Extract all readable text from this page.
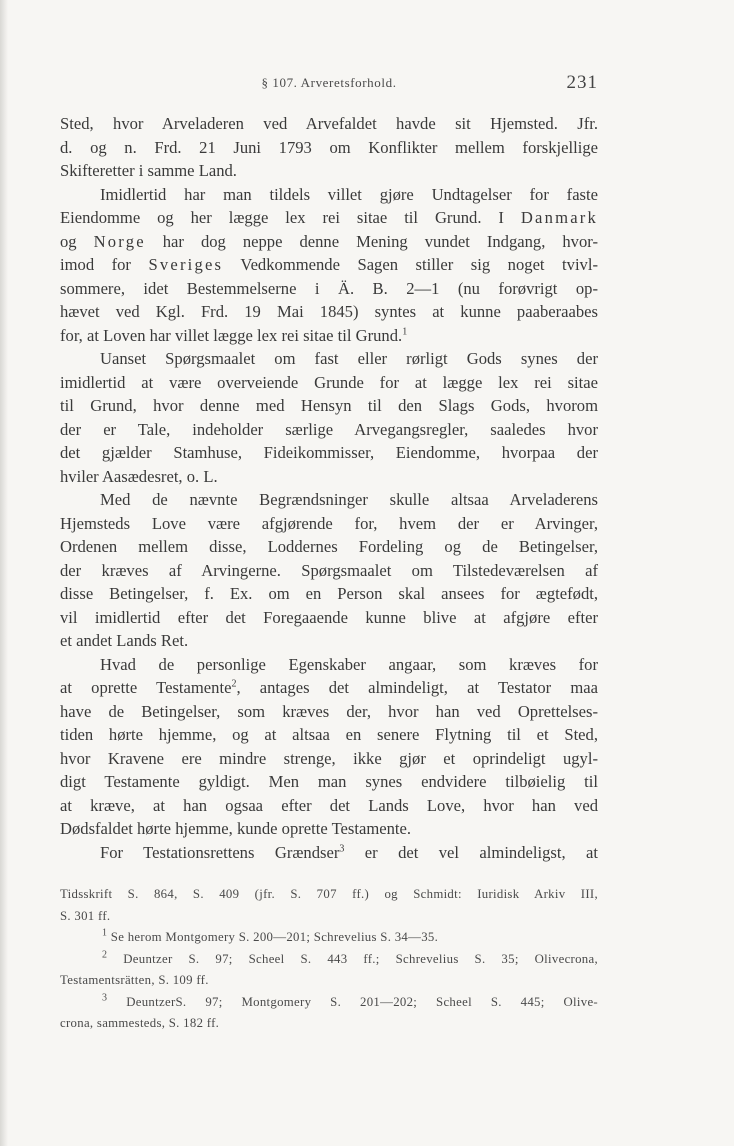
§ 107. Arveretsforhold.	231
Sted, hvor Arveladeren ved Arvefaldet havde sit Hjemsted. Jfr.
d. og n. Frd. 21 Juni 1793 om Konflikter mellem forskjellige
Skifteretter i samme Land.
Imidlertid har man tildels villet gjøre Undtagelser for faste
Eiendomme og her lægge lex rei sitae til Grund. I Danmark
og Norge har dog neppe denne Mening vundet Indgang, hvor-
imod for Sveriges Vedkommende Sagen stiller sig noget tvivl-
sommere, idet Bestemmelserne i Ä. B. 2—1 (nu forøvrigt op-
hævet ved Kgl. Frd. 19 Mai 1845) syntes at kunne paaberaabes
for, at Loven har villet lægge lex rei sitae til Grund.$^1$
Uanset Spørgsmaalet om fast eller rørligt Gods synes der
imidlertid at være overveiende Grunde for at lægge lex rei sitae
til Grund, hvor denne med Hensyn til den Slags Gods, hvorom
der er Tale, indeholder særlige Arvegangsregler, saaledes hvor
det gjælder Stamhuse, Fideikommisser, Eiendomme, hvorpaa der
hviler Aasædesret, o. L.
Med de nævnte Begrændsninger skulle altsaa Arveladerens
Hjemsteds Love være afgjørende for, hvem der er Arvinger,
Ordenen mellem disse, Loddernes Fordeling og de Betingelser,
der kræves af Arvingerne. Spørgsmaalet om Tilstedeværelsen af
disse Betingelser, f. Ex. om en Person skal ansees for ægtefødt,
vil imidlertid efter det Foregaaende kunne blive at afgjøre efter
et andet Lands Ret.
Hvad de personlige Egenskaber angaar, som kræves for
at oprette Testamente$^2$, antages det almindeligt, at Testator maa
have de Betingelser, som kræves der, hvor han ved Oprettelses-
tiden hørte hjemme, og at altsaa en senere Flytning til et Sted,
hvor Kravene ere mindre strenge, ikke gjør et oprindeligt ugyl-
digt Testamente gyldigt. Men man synes endvidere tilbøielig til
at kræve, at han ogsaa efter det Lands Love, hvor han ved
Dødsfaldet hørte hjemme, kunde oprette Testamente.
For Testationsrettens Grændser$^3$ er det vel almindeligst, at
Tidsskrift S. 864, S. 409 (jfr. S. 707 ff.) og Schmidt: Iuridisk Arkiv III,
S. 301 ff.
$^1$ Se herom Montgomery S. 200—201; Schrevelius S. 34—35.
$^2$ Deuntzer S. 97; Scheel S. 443 ff.; Schrevelius S. 35; Olivecrona,
Testamentsrätten, S. 109 ff.
$^3$ DeuntzerS. 97; Montgomery S. 201—202; Scheel S. 445; Olive-
crona, sammesteds, S. 182 ff.
